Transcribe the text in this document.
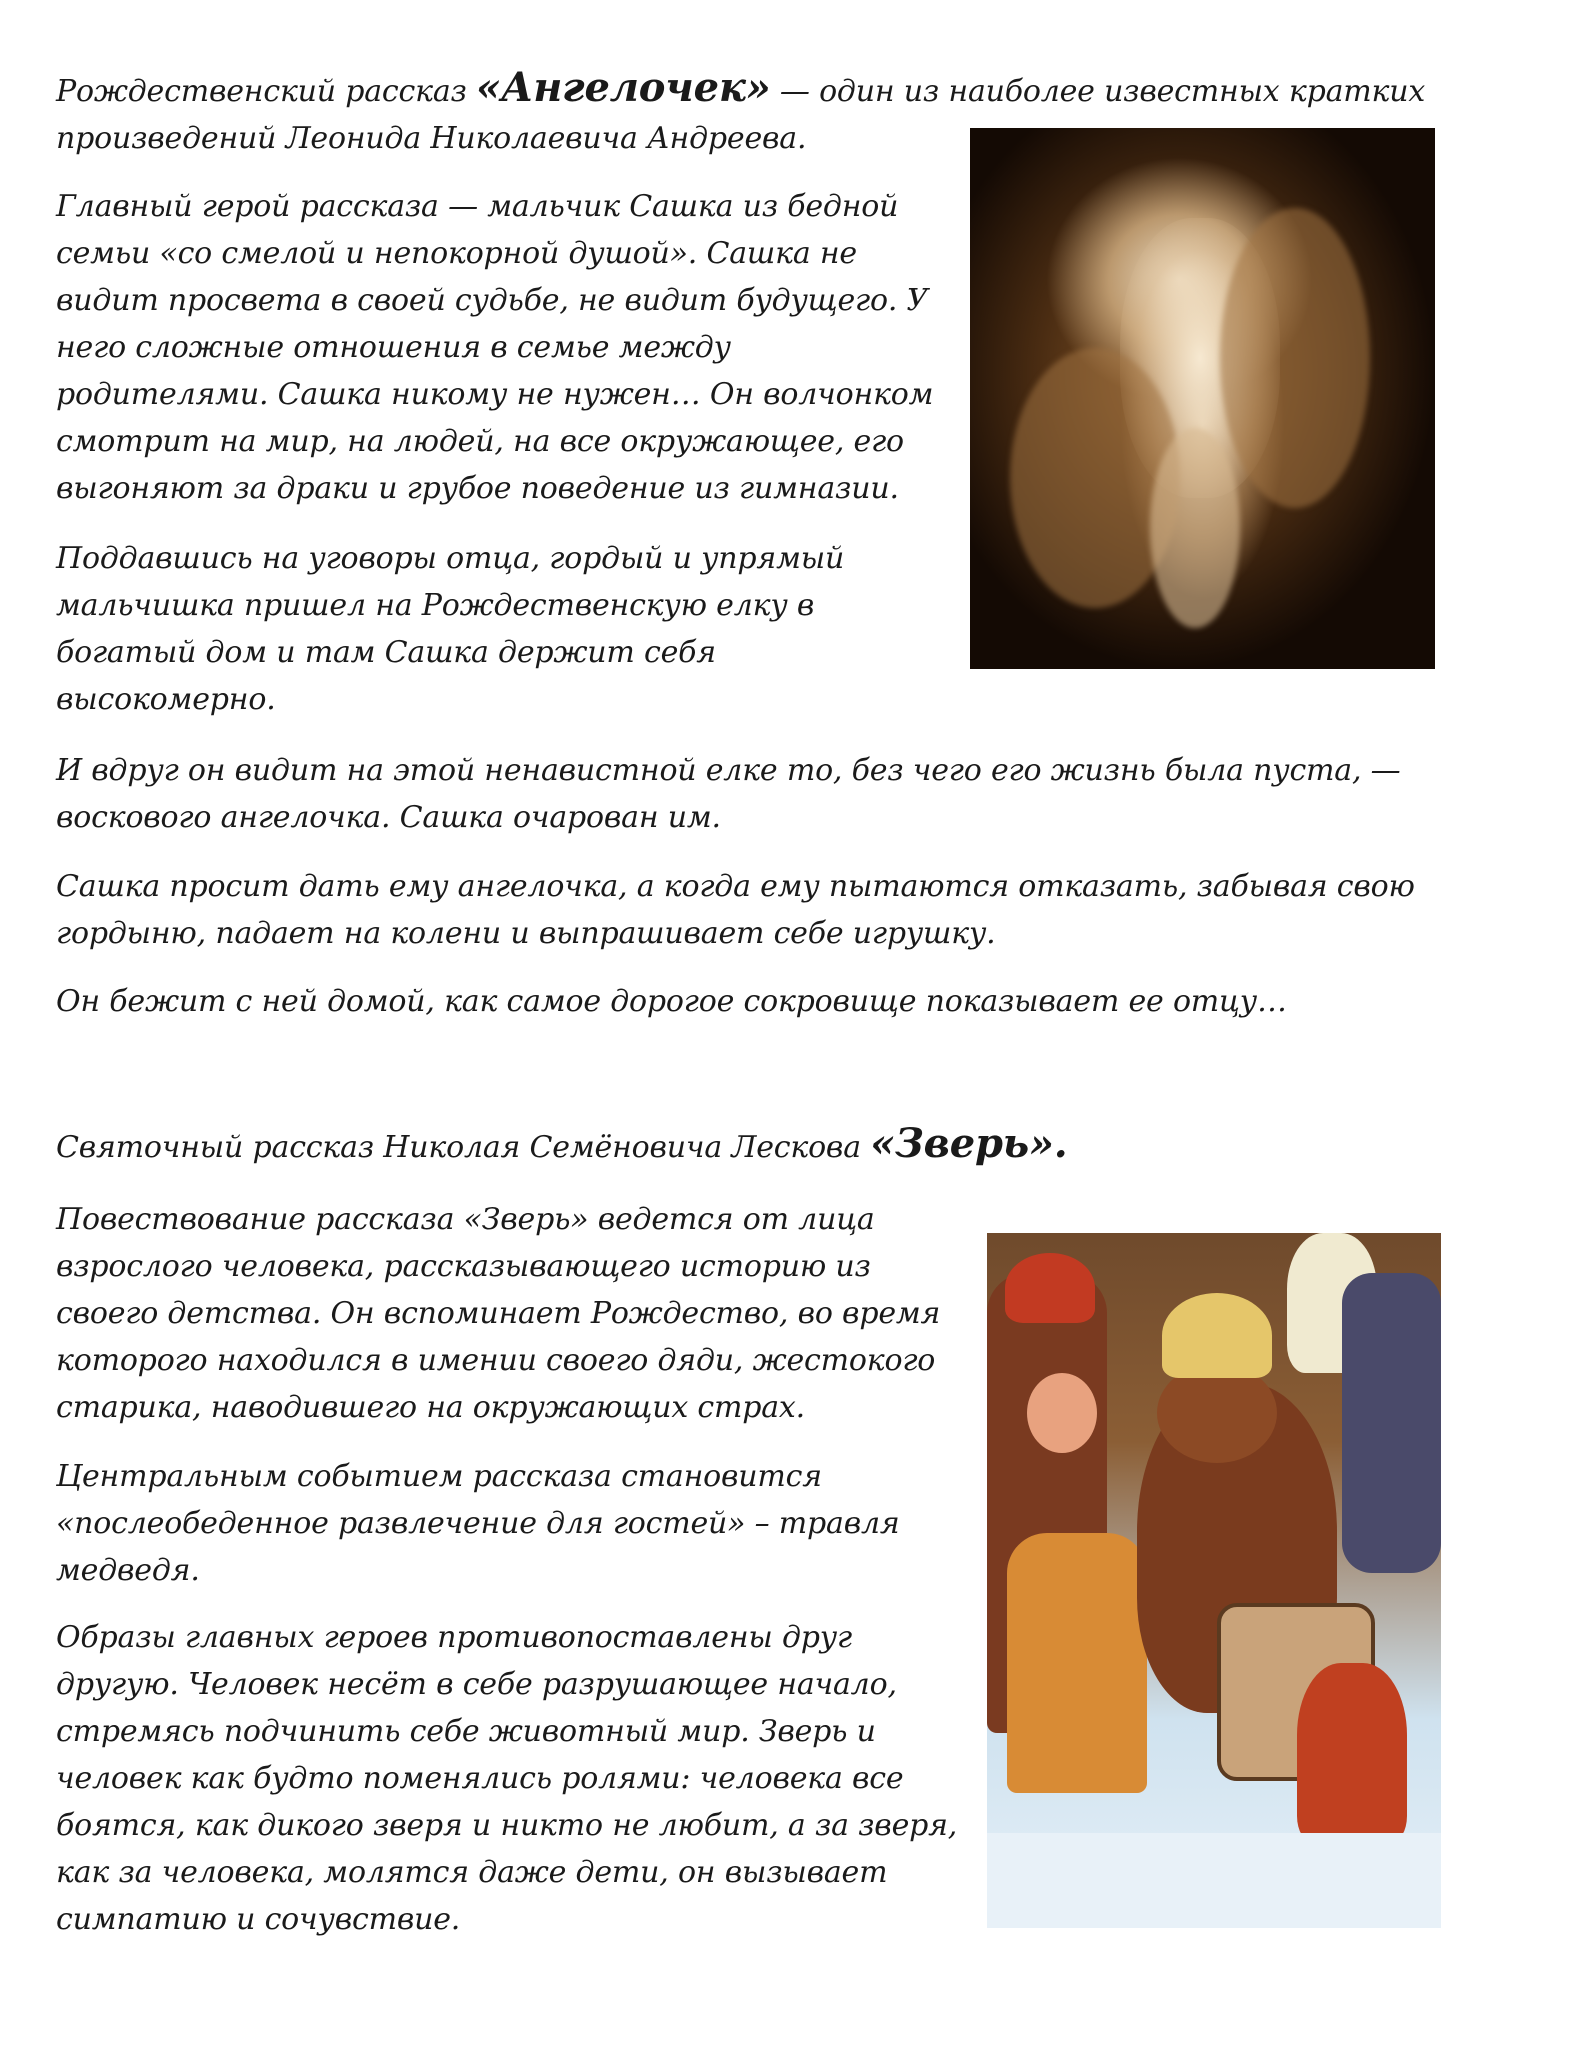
Рождественский рассказ «Ангелочек» — один из наиболее известных кратких
произведений Леонида Николаевича Андреева.

Главный герой рассказа — мальчик Сашка из бедной
семьи «со смелой и непокорной душой». Сашка не
видит просвета в своей судьбе, не видит будущего. У
него сложные отношения в семье между
родителями. Сашка никому не нужен… Он волчонком
смотрит на мир, на людей, на все окружающее, его
выгоняют за драки и грубое поведение из гимназии.

Поддавшись на уговоры отца, гордый и упрямый
мальчишка пришел на Рождественскую елку в
богатый дом и там Сашка держит себя
высокомерно.

И вдруг он видит на этой ненавистной елке то, без чего его жизнь была пуста, —
воскового ангелочка. Сашка очарован им.

Сашка просит дать ему ангелочка, а когда ему пытаются отказать, забывая свою
гордыню, падает на колени и выпрашивает себе игрушку.

Он бежит с ней домой, как самое дорогое сокровище показывает ее отцу…

Святочный рассказ Николая Семёновича Лескова «Зверь».

Повествование рассказа «Зверь» ведется от лица
взрослого человека, рассказывающего историю из
своего детства. Он вспоминает Рождество, во время
которого находился в имении своего дяди, жестокого
старика, наводившего на окружающих страх.

Центральным событием рассказа становится
«послеобеденное развлечение для гостей» – травля
медведя.

Образы главных героев противопоставлены друг
другую. Человек несёт в себе разрушающее начало,
стремясь подчинить себе животный мир. Зверь и
человек как будто поменялись ролями: человека все
боятся, как дикого зверя и никто не любит, а за зверя,
как за человека, молятся даже дети, он вызывает
симпатию и сочувствие.
